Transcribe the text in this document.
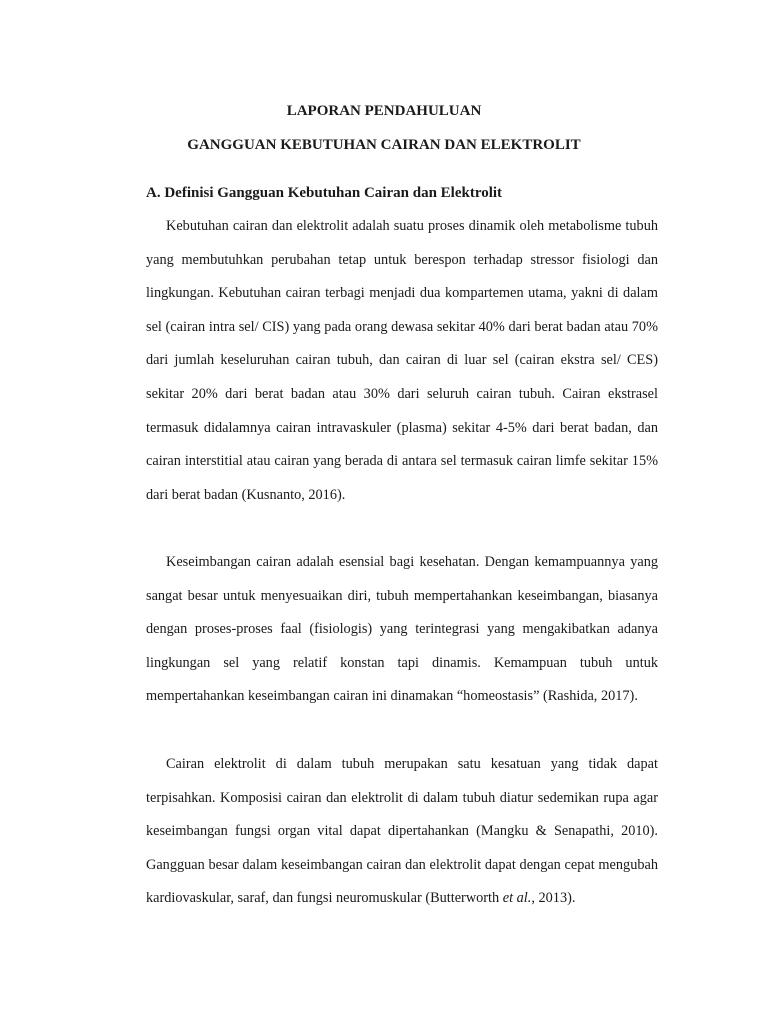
LAPORAN PENDAHULUAN
GANGGUAN KEBUTUHAN CAIRAN DAN ELEKTROLIT
A. Definisi Gangguan Kebutuhan Cairan dan Elektrolit

Kebutuhan cairan dan elektrolit adalah suatu proses dinamik oleh metabolisme tubuh yang membutuhkan perubahan tetap untuk berespon terhadap stressor fisiologi dan lingkungan. Kebutuhan cairan terbagi menjadi dua kompartemen utama, yakni di dalam sel (cairan intra sel/ CIS) yang pada orang dewasa sekitar 40% dari berat badan atau 70% dari jumlah keseluruhan cairan tubuh, dan cairan di luar sel (cairan ekstra sel/ CES) sekitar 20% dari berat badan atau 30% dari seluruh cairan tubuh. Cairan ekstrasel termasuk didalamnya cairan intravaskuler (plasma) sekitar 4-5% dari berat badan, dan cairan interstitial atau cairan yang berada di antara sel termasuk cairan limfe sekitar 15% dari berat badan (Kusnanto, 2016).

Keseimbangan cairan adalah esensial bagi kesehatan. Dengan kemampuannya yang sangat besar untuk menyesuaikan diri, tubuh mempertahankan keseimbangan, biasanya dengan proses-proses faal (fisiologis) yang terintegrasi yang mengakibatkan adanya lingkungan sel yang relatif konstan tapi dinamis. Kemampuan tubuh untuk mempertahankan keseimbangan cairan ini dinamakan “homeostasis” (Rashida, 2017).

Cairan elektrolit di dalam tubuh merupakan satu kesatuan yang tidak dapat terpisahkan. Komposisi cairan dan elektrolit di dalam tubuh diatur sedemikan rupa agar keseimbangan fungsi organ vital dapat dipertahankan (Mangku & Senapathi, 2010). Gangguan besar dalam keseimbangan cairan dan elektrolit dapat dengan cepat mengubah kardiovaskular, saraf, dan fungsi neuromuskular (Butterworth et al., 2013).
